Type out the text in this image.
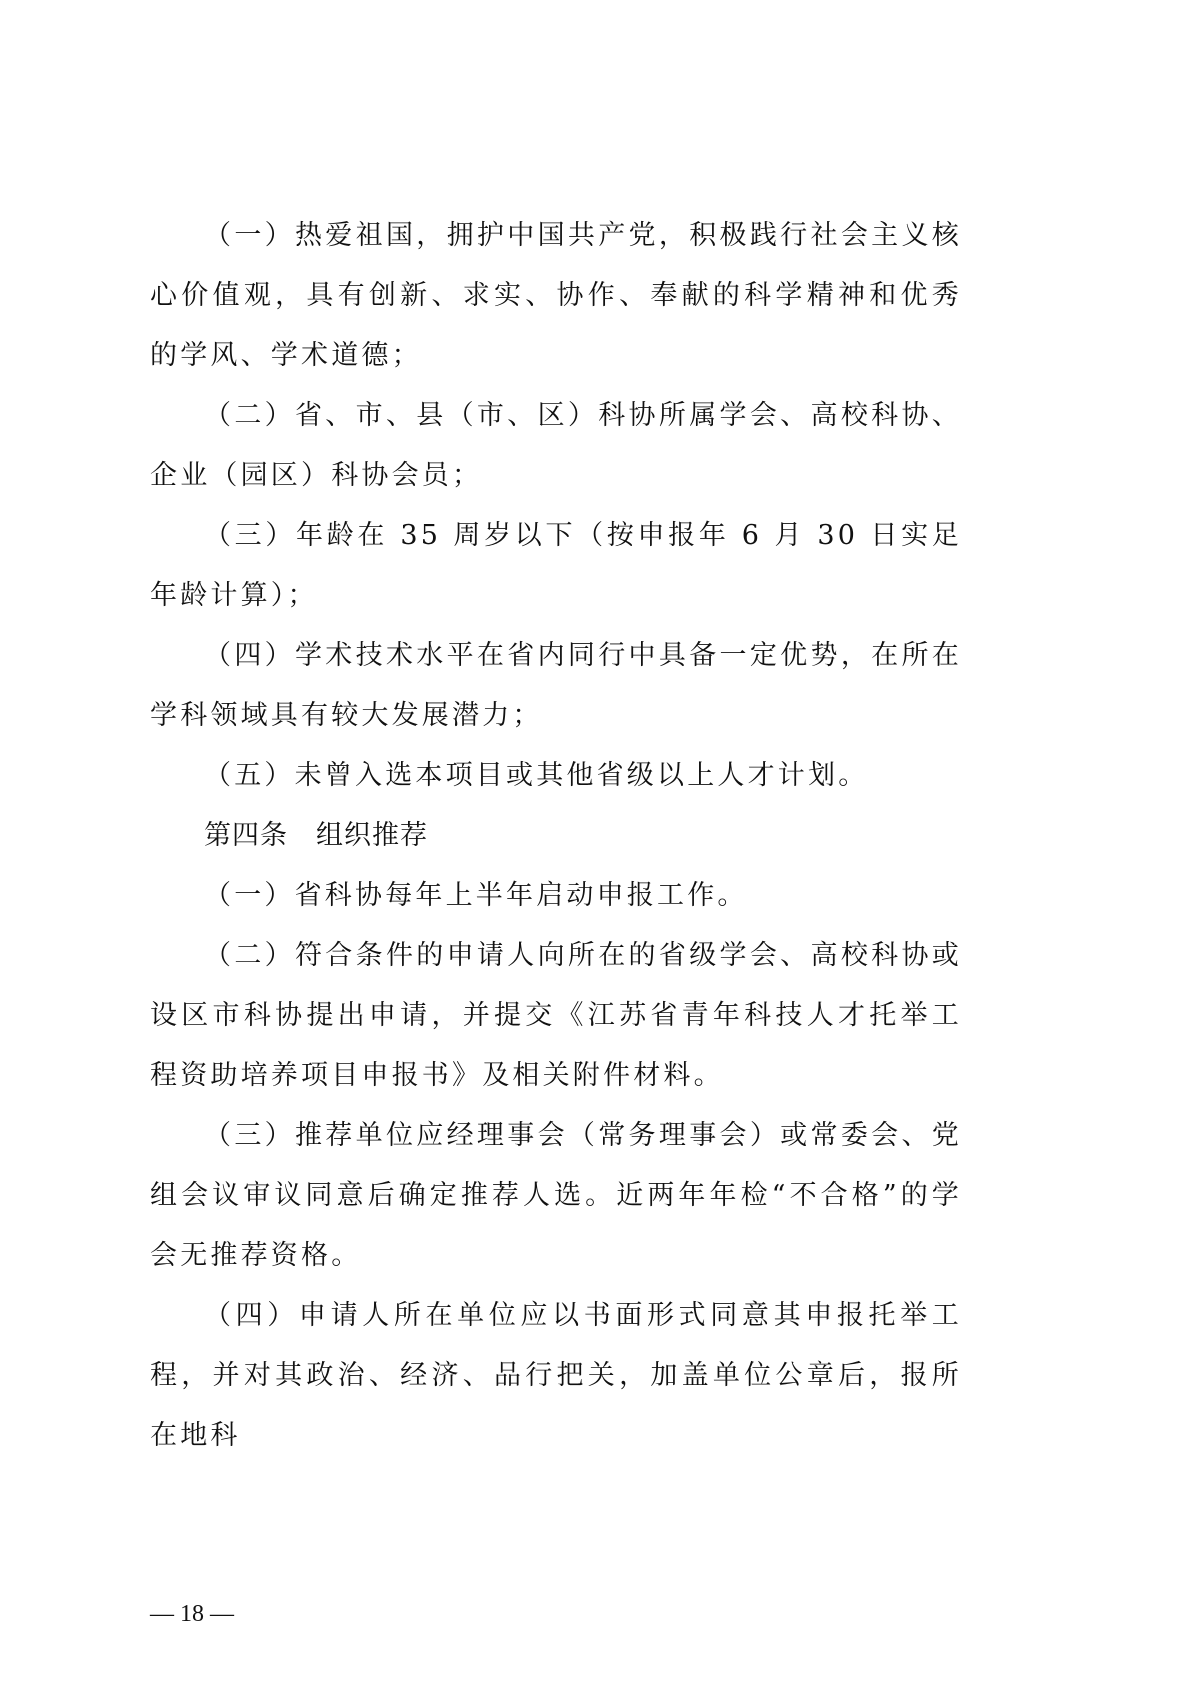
（一）热爱祖国，拥护中国共产党，积极践行社会主义核心价值观，具有创新、求实、协作、奉献的科学精神和优秀的学风、学术道德；

（二）省、市、县（市、区）科协所属学会、高校科协、企业（园区）科协会员；

（三）年龄在 35 周岁以下（按申报年 6 月 30 日实足年龄计算）；

（四）学术技术水平在省内同行中具备一定优势，在所在学科领域具有较大发展潜力；

（五）未曾入选本项目或其他省级以上人才计划。

第四条 组织推荐

（一）省科协每年上半年启动申报工作。

（二）符合条件的申请人向所在的省级学会、高校科协或设区市科协提出申请，并提交《江苏省青年科技人才托举工程资助培养项目申报书》及相关附件材料。

（三）推荐单位应经理事会（常务理事会）或常委会、党组会议审议同意后确定推荐人选。近两年年检“不合格”的学会无推荐资格。

（四）申请人所在单位应以书面形式同意其申报托举工程，并对其政治、经济、品行把关，加盖单位公章后，报所在地科

— 18 —
